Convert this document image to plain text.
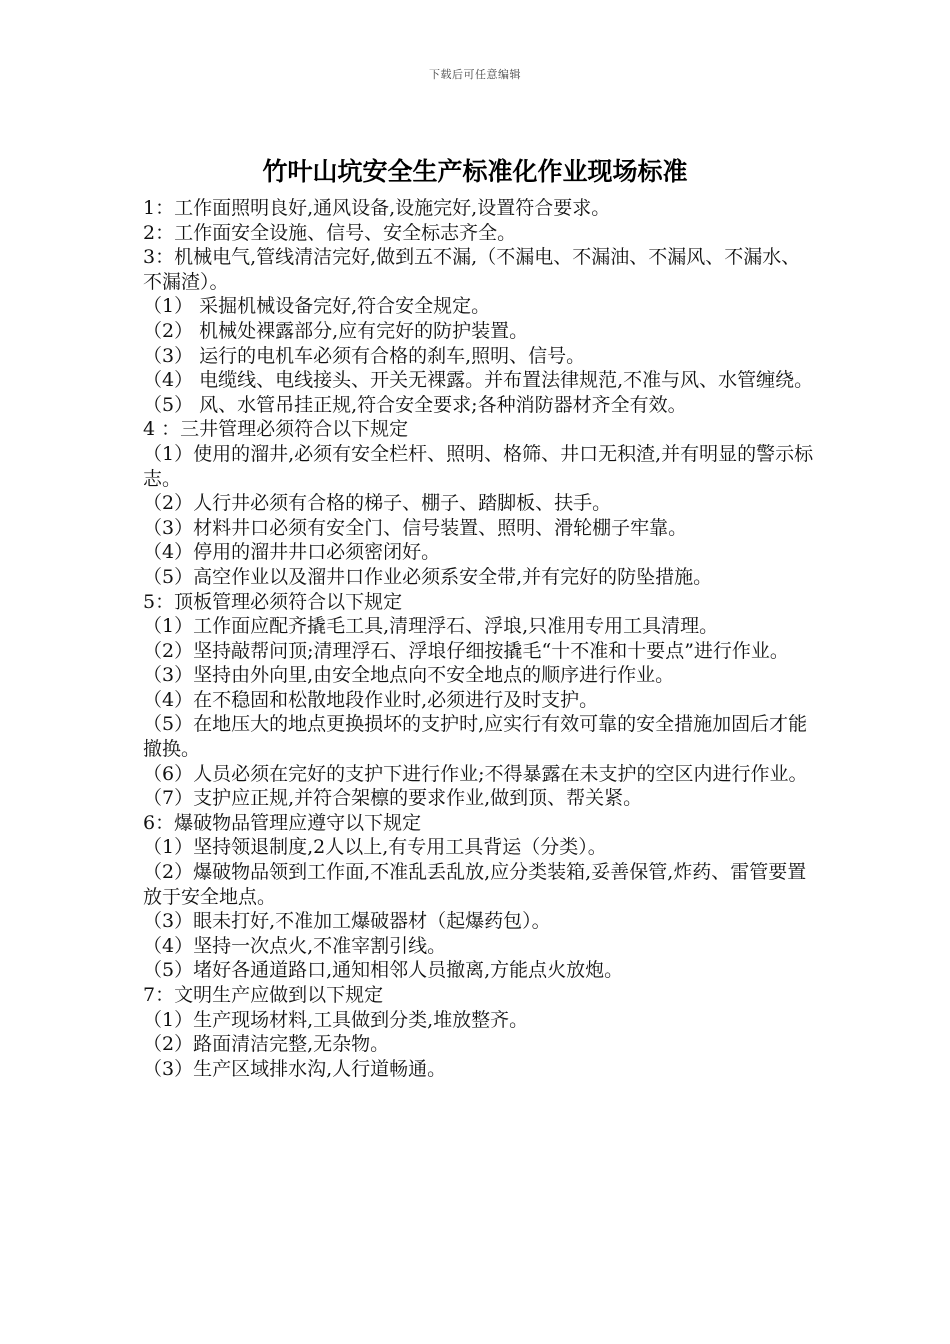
下载后可任意编辑
竹叶山坑安全生产标准化作业现场标准

1：工作面照明良好,通风设备,设施完好,设置符合要求。

2：工作面安全设施、信号、安全标志齐全。

3：机械电气,管线清洁完好,做到五不漏,（不漏电、不漏油、不漏风、不漏水、不漏渣）。

（1） 采掘机械设备完好,符合安全规定。

（2） 机械处裸露部分,应有完好的防护装置。

（3） 运行的电机车必须有合格的刹车,照明、信号。

（4） 电缆线、电线接头、开关无裸露。并布置法律规范,不准与风、水管缠绕。

（5） 风、水管吊挂正规,符合安全要求;各种消防器材齐全有效。

4 ：三井管理必须符合以下规定

（1）使用的溜井,必须有安全栏杆、照明、格筛、井口无积渣,并有明显的警示标志。

（2）人行井必须有合格的梯子、棚子、踏脚板、扶手。

（3）材料井口必须有安全门、信号装置、照明、滑轮棚子牢靠。

（4）停用的溜井井口必须密闭好。

（5）高空作业以及溜井口作业必须系安全带,并有完好的防坠措施。

5：顶板管理必须符合以下规定

（1）工作面应配齐撬毛工具,清理浮石、浮埌,只准用专用工具清理。

（2）坚持敲帮问顶;清理浮石、浮埌仔细按撬毛“十不准和十要点”进行作业。

（3）坚持由外向里,由安全地点向不安全地点的顺序进行作业。

（4）在不稳固和松散地段作业时,必须进行及时支护。

（5）在地压大的地点更换损坏的支护时,应实行有效可靠的安全措施加固后才能撤换。

（6）人员必须在完好的支护下进行作业;不得暴露在未支护的空区内进行作业。

（7）支护应正规,并符合架檩的要求作业,做到顶、帮关紧。

6：爆破物品管理应遵守以下规定

（1）坚持领退制度,2人以上,有专用工具背运（分类）。

（2）爆破物品领到工作面,不准乱丢乱放,应分类装箱,妥善保管,炸药、雷管要置放于安全地点。

（3）眼未打好,不准加工爆破器材（起爆药包）。

（4）坚持一次点火,不准宰割引线。

（5）堵好各通道路口,通知相邻人员撤离,方能点火放炮。

7：文明生产应做到以下规定

（1）生产现场材料,工具做到分类,堆放整齐。

（2）路面清洁完整,无杂物。

（3）生产区域排水沟,人行道畅通。
